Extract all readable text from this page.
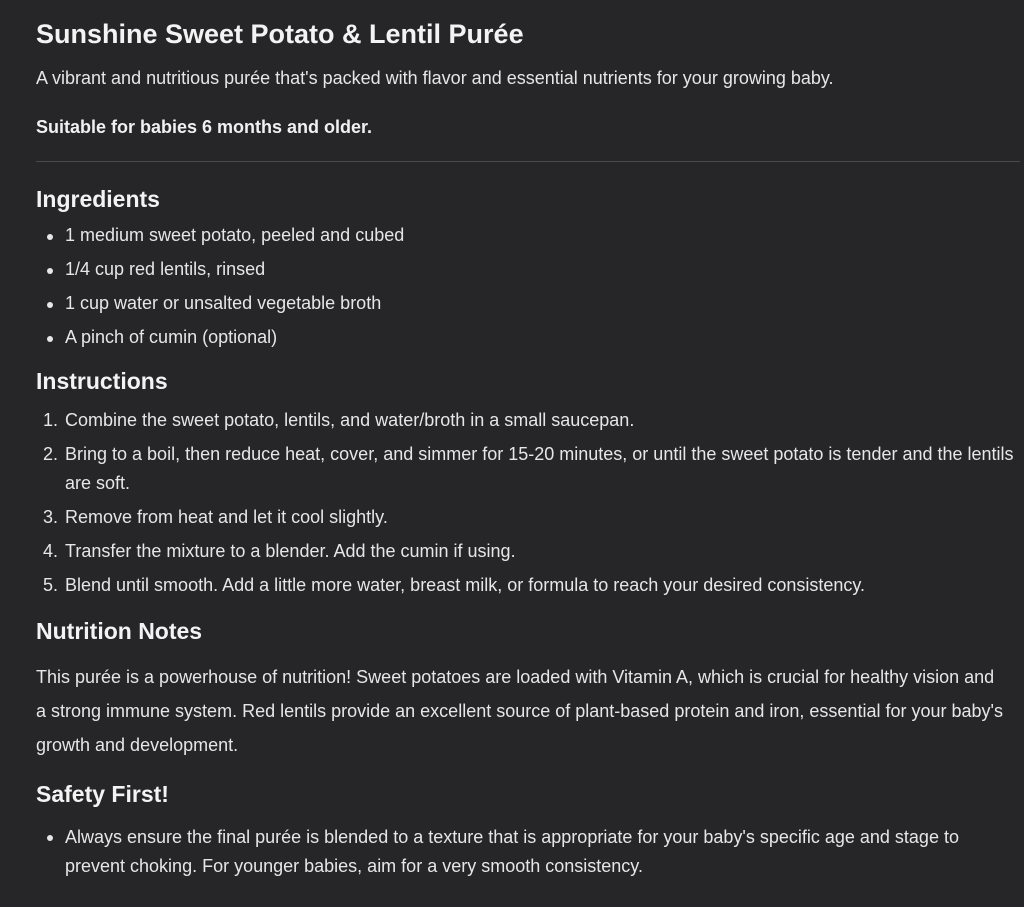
Sunshine Sweet Potato & Lentil Purée

A vibrant and nutritious purée that's packed with flavor and essential nutrients for your growing baby.

Suitable for babies 6 months and older.

Ingredients
1 medium sweet potato, peeled and cubed
1/4 cup red lentils, rinsed
1 cup water or unsalted vegetable broth
A pinch of cumin (optional)
Instructions
1. Combine the sweet potato, lentils, and water/broth in a small saucepan.
2. Bring to a boil, then reduce heat, cover, and simmer for 15-20 minutes, or until the sweet potato is tender and the lentils are soft.
3. Remove from heat and let it cool slightly.
4. Transfer the mixture to a blender. Add the cumin if using.
5. Blend until smooth. Add a little more water, breast milk, or formula to reach your desired consistency.
Nutrition Notes

This purée is a powerhouse of nutrition! Sweet potatoes are loaded with Vitamin A, which is crucial for healthy vision and a strong immune system. Red lentils provide an excellent source of plant-based protein and iron, essential for your baby's growth and development.

Safety First!
Always ensure the final purée is blended to a texture that is appropriate for your baby's specific age and stage to prevent choking. For younger babies, aim for a very smooth consistency.
